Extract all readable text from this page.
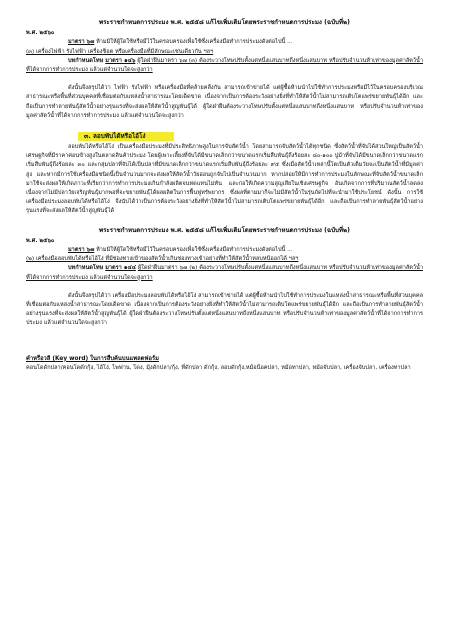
พระราชกำหนดการประมง พ.ศ. ๒๕๕๘ แก้ไขเพิ่มเติมโดยพระราชกำหนดการประมง (ฉบับที่๒)

พ.ศ. ๒๕๖๐

มาตรา ๖๗ ห้ามมิให้ผู้ใดใช้หรือมีไว้ในครอบครองเพื่อใช้ซึ่งเครื่องมือทำการประมงดังต่อไปนี้ ...

(๓) เครื่องไฟฟ้า รังไฟฟ้า เครื่องช็อต หรือเครื่องมือที่มีลักษณะเช่นเดียวกัน ฯลฯ

บทกำหนดโทษ มาตรา ๑๔๖ ผู้ใดฝ่าฝืนมาตรา ๖๗ (๓) ต้องระวางโทษปรับตั้งแต่หนึ่งแสนบาทถึงหนึ่งแสนบาท หรือปรับจำนวนห้าเท่าของมูลค่าสัตว์น้ำที่ได้จากการทำการประมง แล้วแต่จำนวนใดจะสูงกว่า

ดังนั้นจึงสรุปได้ว่า ไฟฟ้า รังไฟฟ้า หรือเครื่องมือที่คล้ายคลึงกัน สามารถเข้าข่ายได้ แต่ผู้ซื้อห้ามนำไปใช้ทำการประมงหรือมีไว้ในครอบครองบริเวณสาธารณะหรือพื้นที่ส่วนบุคคลที่เชื่อมต่อกับแหล่งน้ำสาธารณะโดยเด็ดขาด เนื่องจากเป็นการต้องระวังอย่างยิ่งที่ทำให้สัตว์น้ำไม่สามารถเติบโตแพร่ขยายพันธุ์ได้อีก และถือเป็นการทำลายพันธุ์สัตว์น้ำอย่างรุนแรงที่จะส่งผลให้สัตว์น้ำสูญพันธุ์ได้ ผู้ใดฝ่าฝืนต้องระวางโทษปรับตั้งแต่หนึ่งแสนบาทถึงหนึ่งแสนบาท หรือปรับจำนวนห้าเท่าของมูลค่าสัตว์น้ำที่ได้จากการทำการประมง แล้วแต่จำนวนใดจะสูงกว่า

๓. ลอบพับได้หรือไอ้โง่

ลอบพับได้หรือไอ้โง่ เป็นเครื่องมือประมงที่มีประสิทธิภาพสูงในการจับสัตว์น้ำ โดยสามารถจับสัตว์น้ำได้ทุกชนิด ซึ่งสัตว์น้ำที่จับได้ส่วนใหญ่เป็นสัตว์น้ำเศรษฐกิจที่มีราคาค่อนข้างสูงในตลาดสินค้าประมง โดยผู้เพาะเลี้ยงที่จับได้มีขนาดเล็กกว่าขนาดแรกเริ่มสืบพันธุ์ถึงร้อยละ ๘๐-๑๐๐ ปูม้าที่จับได้มีขนาดเล็กกว่าขนาดแรกเริ่มสืบพันธุ์ถึงร้อยละ ๓๐ และกลุ่มปลาที่จับได้เป็นปลาที่มีขนาดเล็กกว่าขนาดแรกเริ่มสืบพันธุ์ถึงร้อยละ ๙๕ ซึ่งเมื่อสัตว์น้ำเหล่านี้โตเป็นตัวเต็มวัยจะเป็นสัตว์น้ำที่มีมูลค่าสูง และหากมีการใช้เครื่องมือชนิดนี้เป็นจำนวนมากจะส่งผลให้สัตว์น้ำวัยอ่อนถูกจับไปเป็นจำนวนมาก หากปล่อยให้มีการทำการประมงในลักษณะที่จับสัตว์น้ำขนาดเล็กมาใช้จะส่งผลให้เกิดภาวะที่เรียกว่าการทำการประมงเกินกำลังผลิตจนทดแทนไม่ทัน และก่อให้เกิดความสูญเสียในเชิงเศรษฐกิจ อันเกิดจากการที่ปริมาณสัตว์น้ำลดลง เนื่องจากไม่มีปลาวัยเจริญพันธุ์มากพอที่จะขยายพันธุ์ได้ผลผลิตในการฟื้นฟูทรัพยากร ซึ่งผลที่ตามมาก็จะไม่มีสัตว์น้ำในรุ่นถัดไปที่จะนำมาใช้ประโยชน์ ดังนั้น การใช้เครื่องมือประมงลอบพับได้หรือไอ้โง่ จึงนับได้ว่าเป็นการต้องระวังอย่างยิ่งที่ทำให้สัตว์น้ำไม่สามารถเติบโตแพร่ขยายพันธุ์ได้อีก และถือเป็นการทำลายพันธุ์สัตว์น้ำอย่างรุนแรงที่จะส่งผลให้สัตว์น้ำสูญพันธุ์ได้

พระราชกำหนดการประมง พ.ศ. ๒๕๕๘ แก้ไขเพิ่มเติมโดยพระราชกำหนดการประมง (ฉบับที่๒)

พ.ศ. ๒๕๖๐

มาตรา ๖๗ ห้ามมิให้ผู้ใดใช้หรือมีไว้ในครอบครองเพื่อใช้ซึ่งเครื่องมือทำการประมงดังต่อไปนี้ ...

(๒) เครื่องมือลอบพับได้หรือไอ้โง่ ที่มีช่องทางเข้าของสัตว์น้ำเกินช่องทางเข้าอย่างที่ทำให้สัตว์น้ำหลบหนีออกได้ ฯลฯ

บทกำหนดโทษ มาตรา ๑๔๔ ผู้ใดฝ่าฝืนมาตรา ๖๗ (๒) ต้องระวางโทษปรับตั้งแต่หนึ่งแสนบาทถึงหนึ่งแสนบาท หรือปรับจำนวนห้าเท่าของมูลค่าสัตว์น้ำที่ได้จากการทำการประมง แล้วแต่จำนวนใดจะสูงกว่า

ดังนั้นจึงสรุปได้ว่า เครื่องมือประมงลอบพับได้หรือไอ้โง่ สามารถเข้าข่ายได้ แต่ผู้ซื้อห้ามนำไปใช้ทำการประมงในแหล่งน้ำสาธารณะหรือพื้นที่ส่วนบุคคลที่เชื่อมต่อกับแหล่งน้ำสาธารณะโดยเด็ดขาด เนื่องจากเป็นการต้องระวังอย่างยิ่งที่ทำให้สัตว์น้ำไม่สามารถเติบโตแพร่ขยายพันธุ์ได้อีก และถือเป็นการทำลายพันธุ์สัตว์น้ำอย่างรุนแรงที่จะส่งผลให้สัตว์น้ำสูญพันธุ์ได้ ผู้ใดฝ่าฝืนต้องระวางโทษปรับตั้งแต่หนึ่งแสนบาทถึงหนึ่งแสนบาท หรือปรับจำนวนห้าเท่าของมูลค่าสัตว์น้ำที่ได้จากการทำการประมง แล้วแต่จำนวนใดจะสูงกว่า

คำหรือวลี (Key word) ในการสืบค้นบนแพลตฟอร์ม

คอนโดดักปลา/คอนโดดักกุ้ง, ไอ้โง่, ไพฟาน, โดง, มุ้งดักปลา/กุ้ง, ที่ดักปลา ดักกุ้ง, ลอบดักกุ้ง,หม้อน็อคปลา, หม้อทาปลา, หม้อจับปลา, เครื่องจับปลา, เครื่องทาปลา
